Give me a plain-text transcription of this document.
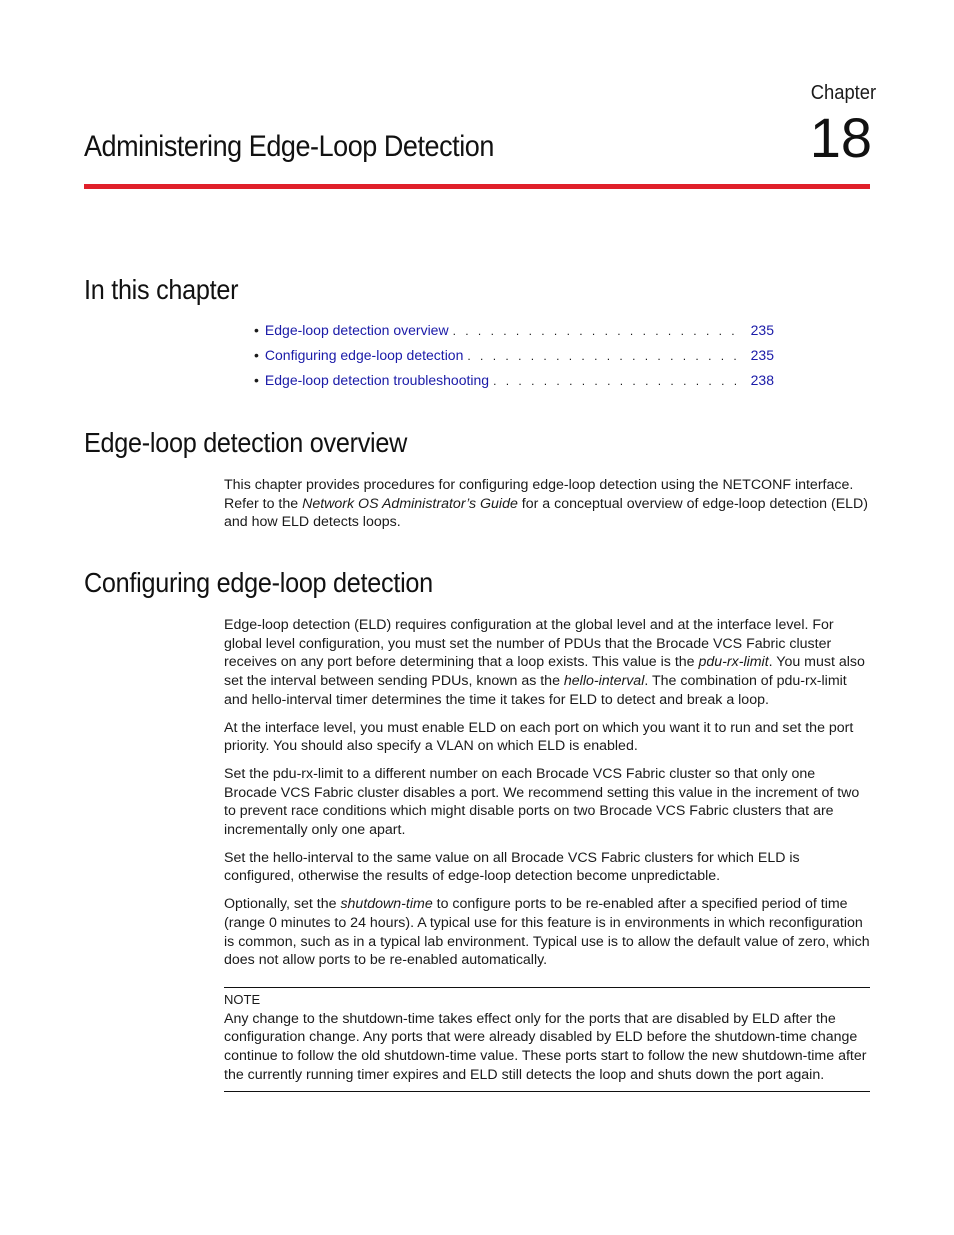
Chapter
18
Administering Edge-Loop Detection
In this chapter
• Edge-loop detection overview . . .	235
• Configuring edge-loop detection . . .	235
• Edge-loop detection troubleshooting . . .	238
Edge-loop detection overview

This chapter provides procedures for configuring edge-loop detection using the NETCONF interface. Refer to the Network OS Administrator’s Guide for a conceptual overview of edge-loop detection (ELD) and how ELD detects loops.

Configuring edge-loop detection

Edge-loop detection (ELD) requires configuration at the global level and at the interface level. For global level configuration, you must set the number of PDUs that the Brocade VCS Fabric cluster receives on any port before determining that a loop exists. This value is the pdu-rx-limit. You must also set the interval between sending PDUs, known as the hello-interval. The combination of pdu-rx-limit and hello-interval timer determines the time it takes for ELD to detect and break a loop.

At the interface level, you must enable ELD on each port on which you want it to run and set the port priority. You should also specify a VLAN on which ELD is enabled.

Set the pdu-rx-limit to a different number on each Brocade VCS Fabric cluster so that only one Brocade VCS Fabric cluster disables a port. We recommend setting this value in the increment of two to prevent race conditions which might disable ports on two Brocade VCS Fabric clusters that are incrementally only one apart.

Set the hello-interval to the same value on all Brocade VCS Fabric clusters for which ELD is configured, otherwise the results of edge-loop detection become unpredictable.

Optionally, set the shutdown-time to configure ports to be re-enabled after a specified period of time (range 0 minutes to 24 hours). A typical use for this feature is in environments in which reconfiguration is common, such as in a typical lab environment. Typical use is to allow the default value of zero, which does not allow ports to be re-enabled automatically.

NOTE
Any change to the shutdown-time takes effect only for the ports that are disabled by ELD after the configuration change. Any ports that were already disabled by ELD before the shutdown-time change continue to follow the old shutdown-time value. These ports start to follow the new shutdown-time after the currently running timer expires and ELD still detects the loop and shuts down the port again.
